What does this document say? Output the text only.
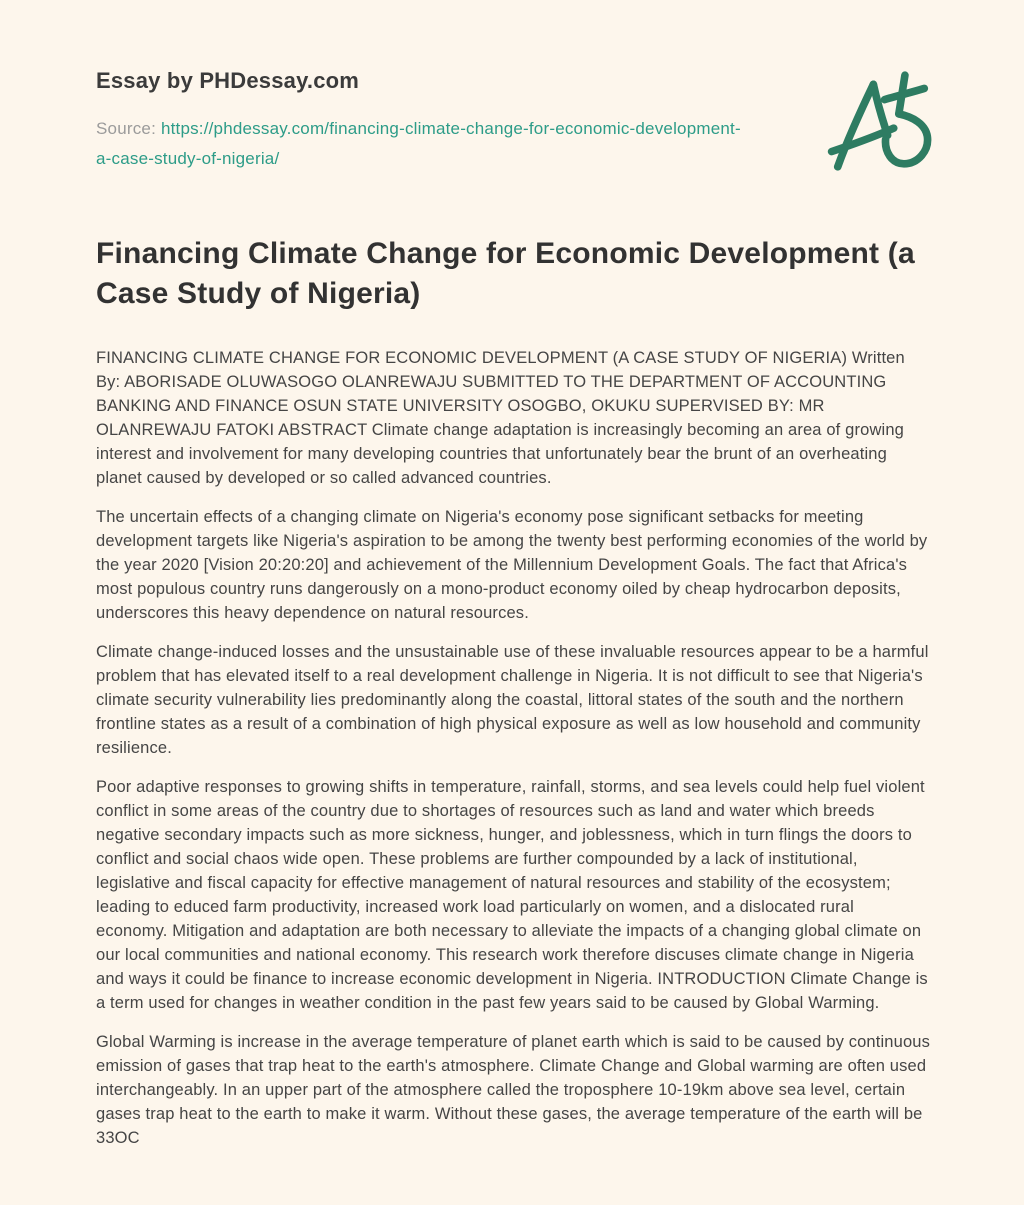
Essay by PHDessay.com
Source: https://phdessay.com/financing-climate-change-for-economic-development-a-case-study-of-nigeria/
Financing Climate Change for Economic Development (a Case Study of Nigeria)

FINANCING CLIMATE CHANGE FOR ECONOMIC DEVELOPMENT (A CASE STUDY OF NIGERIA) Written By: ABORISADE OLUWASOGO OLANREWAJU SUBMITTED TO THE DEPARTMENT OF ACCOUNTING BANKING AND FINANCE OSUN STATE UNIVERSITY OSOGBO, OKUKU SUPERVISED BY: MR OLANREWAJU FATOKI ABSTRACT Climate change adaptation is increasingly becoming an area of growing interest and involvement for many developing countries that unfortunately bear the brunt of an overheating planet caused by developed or so called advanced countries.

The uncertain effects of a changing climate on Nigeria's economy pose significant setbacks for meeting development targets like Nigeria's aspiration to be among the twenty best performing economies of the world by the year 2020 [Vision 20:20:20] and achievement of the Millennium Development Goals. The fact that Africa's most populous country runs dangerously on a mono-product economy oiled by cheap hydrocarbon deposits, underscores this heavy dependence on natural resources.

Climate change-induced losses and the unsustainable use of these invaluable resources appear to be a harmful problem that has elevated itself to a real development challenge in Nigeria. It is not difficult to see that Nigeria's climate security vulnerability lies predominantly along the coastal, littoral states of the south and the northern frontline states as a result of a combination of high physical exposure as well as low household and community resilience.

Poor adaptive responses to growing shifts in temperature, rainfall, storms, and sea levels could help fuel violent conflict in some areas of the country due to shortages of resources such as land and water which breeds negative secondary impacts such as more sickness, hunger, and joblessness, which in turn flings the doors to conflict and social chaos wide open. These problems are further compounded by a lack of institutional, legislative and fiscal capacity for effective management of natural resources and stability of the ecosystem; leading to educed farm productivity, increased work load particularly on women, and a dislocated rural economy. Mitigation and adaptation are both necessary to alleviate the impacts of a changing global climate on our local communities and national economy. This research work therefore discuses climate change in Nigeria and ways it could be finance to increase economic development in Nigeria. INTRODUCTION Climate Change is a term used for changes in weather condition in the past few years said to be caused by Global Warming.

Global Warming is increase in the average temperature of planet earth which is said to be caused by continuous emission of gases that trap heat to the earth's atmosphere. Climate Change and Global warming are often used interchangeably. In an upper part of the atmosphere called the troposphere 10-19km above sea level, certain gases trap heat to the earth to make it warm. Without these gases, the average temperature of the earth will be 33OC
